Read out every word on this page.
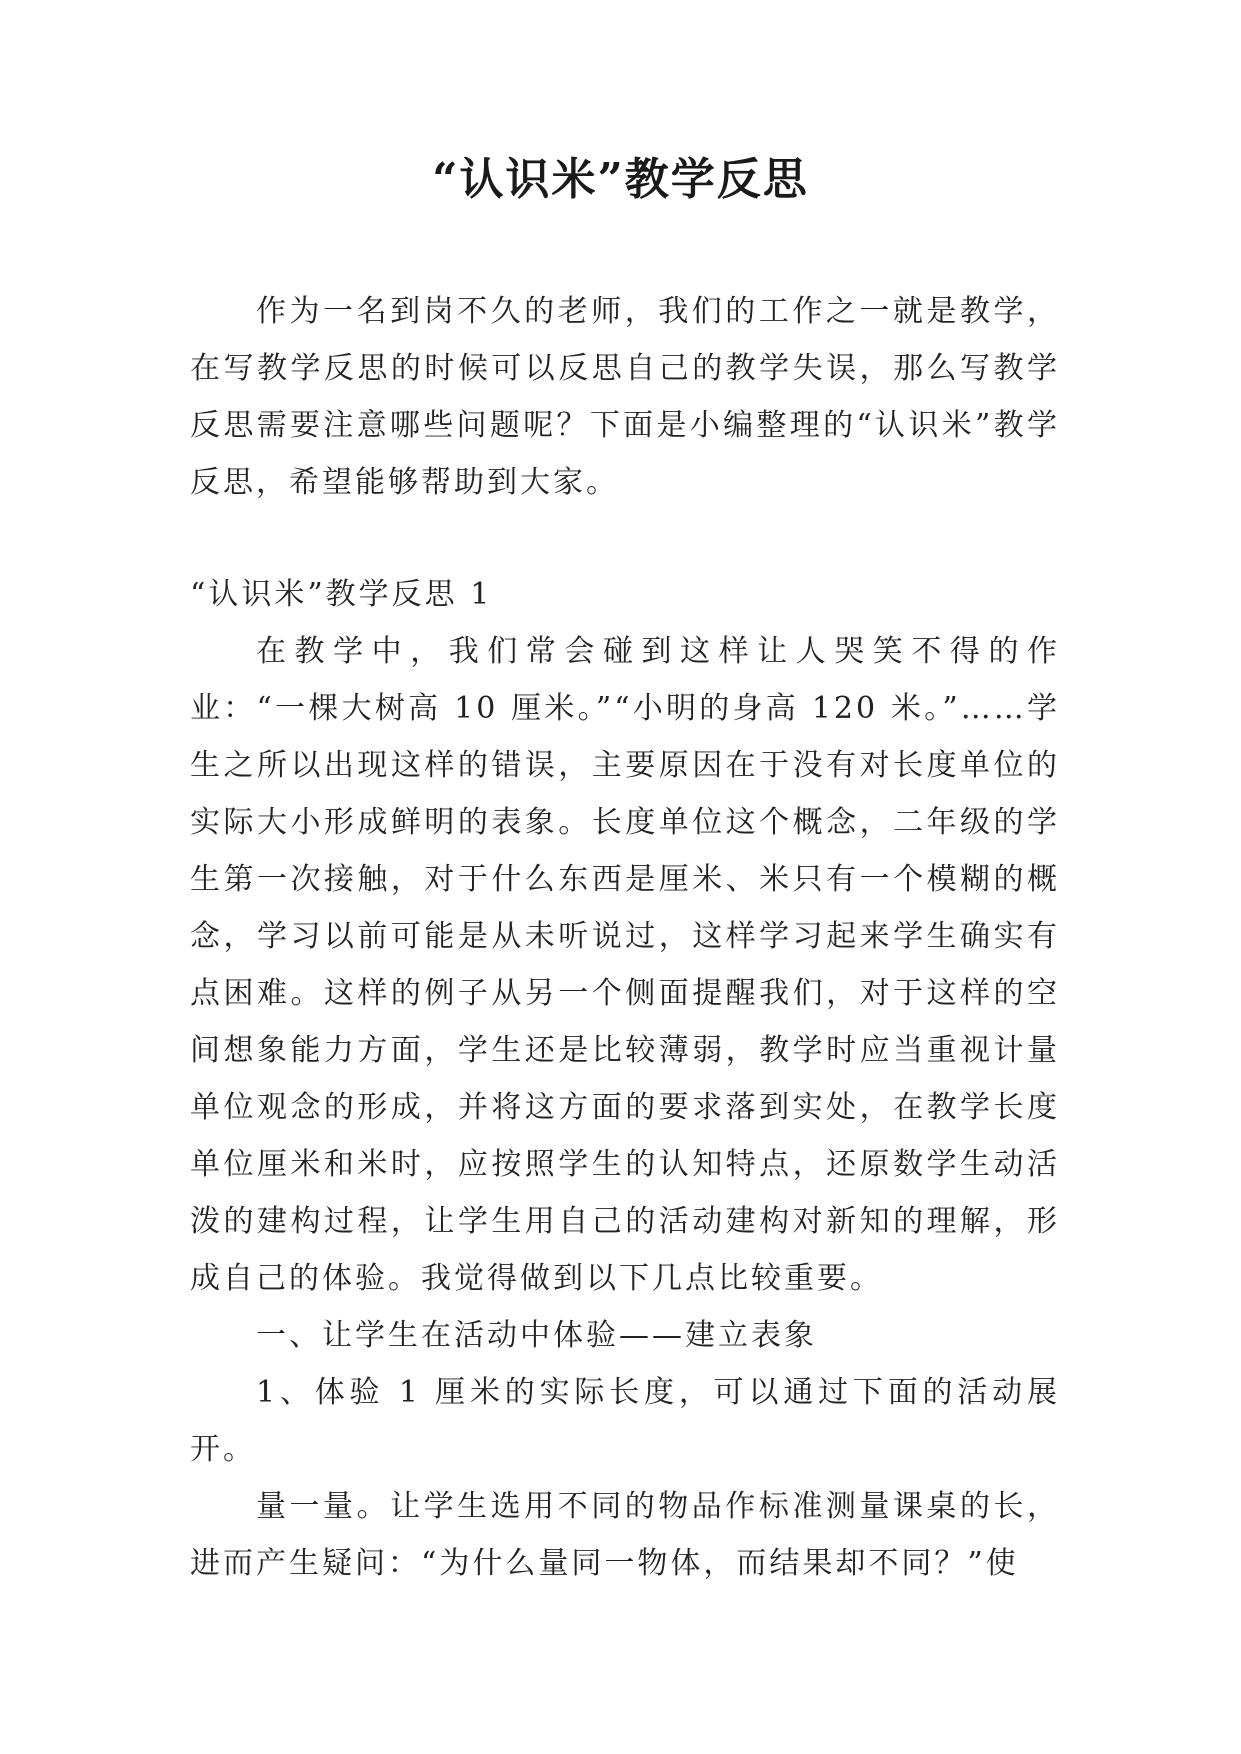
“认识米”教学反思

作为一名到岗不久的老师，我们的工作之一就是教学，在写教学反思的时候可以反思自己的教学失误，那么写教学反思需要注意哪些问题呢？下面是小编整理的“认识米”教学反思，希望能够帮助到大家。

“认识米”教学反思 1

在教学中，我们常会碰到这样让人哭笑不得的作业：“一棵大树高 10 厘米。”“小明的身高 120 米。”……学生之所以出现这样的错误，主要原因在于没有对长度单位的实际大小形成鲜明的表象。长度单位这个概念，二年级的学生第一次接触，对于什么东西是厘米、米只有一个模糊的概念，学习以前可能是从未听说过，这样学习起来学生确实有点困难。这样的例子从另一个侧面提醒我们，对于这样的空间想象能力方面，学生还是比较薄弱，教学时应当重视计量单位观念的形成，并将这方面的要求落到实处，在教学长度单位厘米和米时，应按照学生的认知特点，还原数学生动活泼的建构过程，让学生用自己的活动建构对新知的理解，形成自己的体验。我觉得做到以下几点比较重要。

一、让学生在活动中体验——建立表象

1、体验 1 厘米的实际长度，可以通过下面的活动展开。

量一量。让学生选用不同的物品作标准测量课桌的长，进而产生疑问：“为什么量同一物体，而结果却不同？”使
